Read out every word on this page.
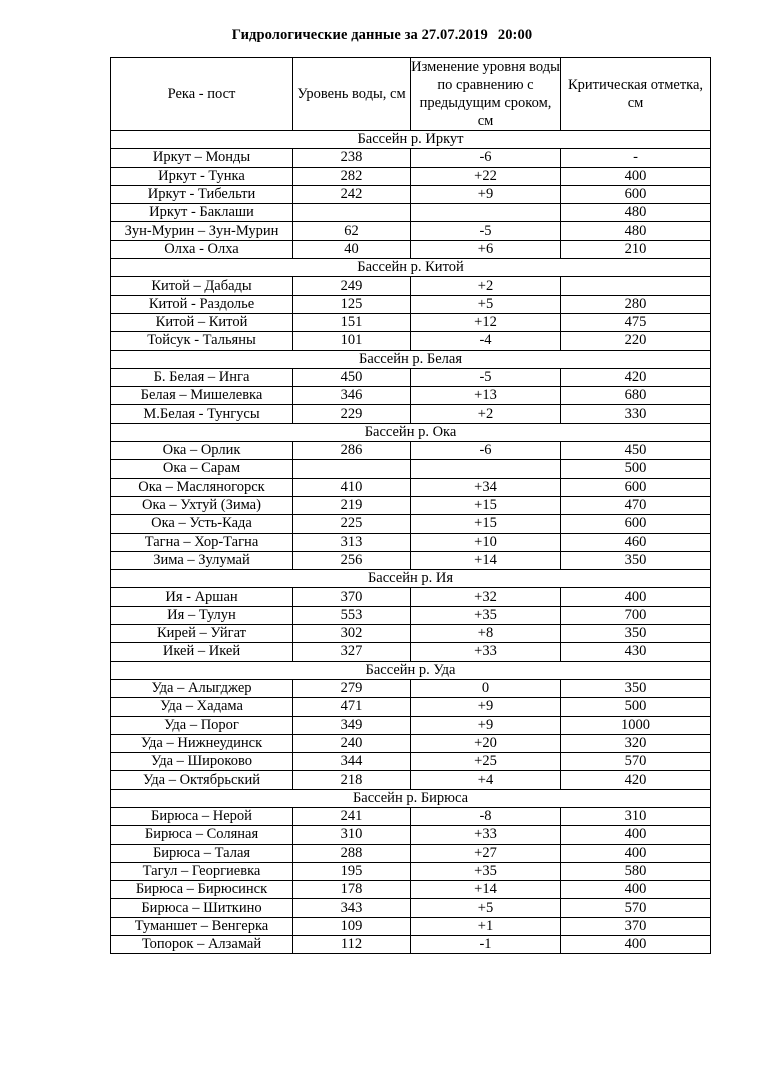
Гидрологические данные за 27.07.2019 20:00
Река - пост	Уровень воды, см	Изменение уровня воды по сравнению с предыдущим сроком, см	Критическая отметка, см
Бассейн р. Иркут			
Иркут – Монды	238	-6	-
Иркут - Тунка	282	+22	400
Иркут - Тибельти	242	+9	600
Иркут - Баклаши			480
Зун-Мурин – Зун-Мурин	62	-5	480
Олха - Олха	40	+6	210
Бассейн р. Китой			
Китой – Дабады	249	+2	
Китой - Раздолье	125	+5	280
Китой – Китой	151	+12	475
Тойсук - Тальяны	101	-4	220
Бассейн р. Белая			
Б. Белая – Инга	450	-5	420
Белая – Мишелевка	346	+13	680
М.Белая - Тунгусы	229	+2	330
Бассейн р. Ока			
Ока – Орлик	286	-6	450
Ока – Сарам			500
Ока – Масляногорск	410	+34	600
Ока – Ухтуй (Зима)	219	+15	470
Ока – Усть-Када	225	+15	600
Тагна – Хор-Тагна	313	+10	460
Зима – Зулумай	256	+14	350
Бассейн р. Ия			
Ия - Аршан	370	+32	400
Ия – Тулун	553	+35	700
Кирей – Уйгат	302	+8	350
Икей – Икей	327	+33	430
Бассейн р. Уда			
Уда – Алыгджер	279	0	350
Уда – Хадама	471	+9	500
Уда – Порог	349	+9	1000
Уда – Нижнеудинск	240	+20	320
Уда – Широково	344	+25	570
Уда – Октябрьский	218	+4	420
Бассейн р. Бирюса			
Бирюса – Нерой	241	-8	310
Бирюса – Соляная	310	+33	400
Бирюса – Талая	288	+27	400
Тагул – Георгиевка	195	+35	580
Бирюса – Бирюсинск	178	+14	400
Бирюса – Шиткино	343	+5	570
Туманшет – Венгерка	109	+1	370
Топорок – Алзамай	112	-1	400
